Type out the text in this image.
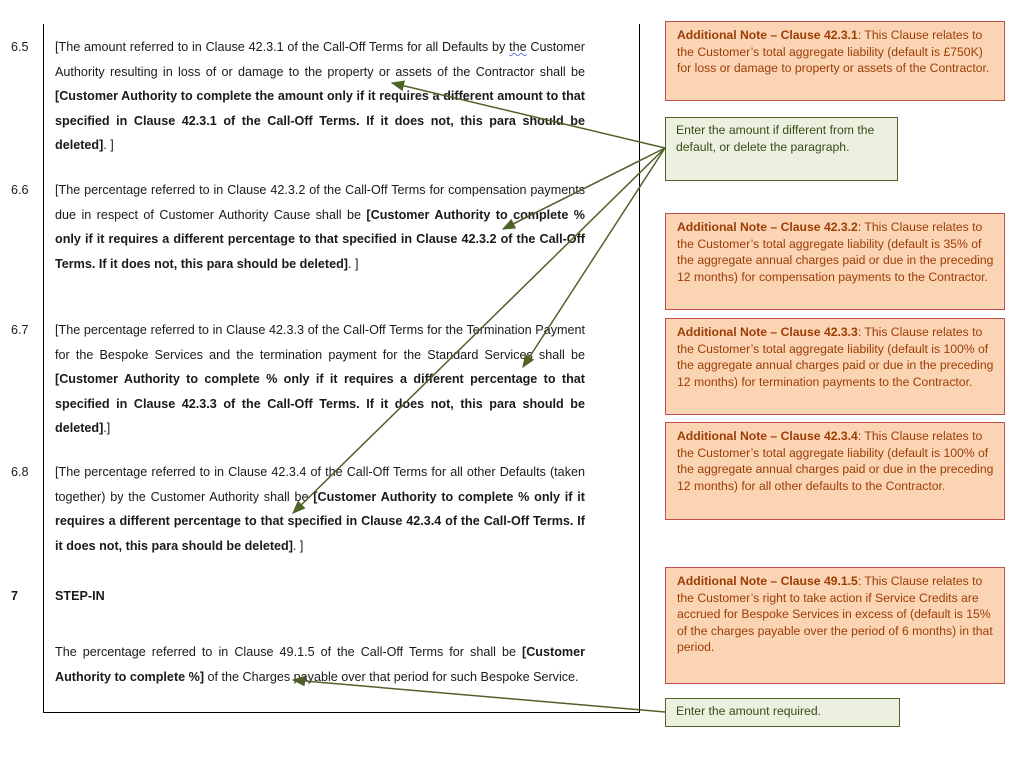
6.5	[The amount referred to in Clause 42.3.1 of the Call-Off Terms for all Defaults by the Customer Authority resulting in loss of or damage to the property or assets of the Contractor shall be [Customer Authority to complete the amount only if it requires a different amount to that specified in Clause 42.3.1 of the Call-Off Terms. If it does not, this para should be deleted]. ]
6.6	[The percentage referred to in Clause 42.3.2 of the Call-Off Terms for compensation payments due in respect of Customer Authority Cause shall be [Customer Authority to complete % only if it requires a different percentage to that specified in Clause 42.3.2 of the Call-Off Terms. If it does not, this para should be deleted]. ]
6.7	[The percentage referred to in Clause 42.3.3 of the Call-Off Terms for the Termination Payment for the Bespoke Services and the termination payment for the Standard Services shall be [Customer Authority to complete % only if it requires a different percentage to that specified in Clause 42.3.3 of the Call-Off Terms. If it does not, this para should be deleted].]
6.8	[The percentage referred to in Clause 42.3.4 of the Call-Off Terms for all other Defaults (taken together) by the Customer Authority shall be [Customer Authority to complete % only if it requires a different percentage to that specified in Clause 42.3.4 of the Call-Off Terms. If it does not, this para should be deleted]. ]
7	STEP-IN
The percentage referred to in Clause 49.1.5 of the Call-Off Terms for shall be [Customer Authority to complete %] of the Charges payable over that period for such Bespoke Service.
Additional Note – Clause 42.3.1: This Clause relates to the Customer’s total aggregate liability (default is £750K) for loss or damage to property or assets of the Contractor.
Additional Note – Clause 42.3.2: This Clause relates to the Customer’s total aggregate liability (default is 35% of the aggregate annual charges paid or due in the preceding 12 months) for compensation payments to the Contractor.
Additional Note – Clause 42.3.3: This Clause relates to the Customer’s total aggregate liability (default is 100% of the aggregate annual charges paid or due in the preceding 12 months) for termination payments to the Contractor.
Additional Note – Clause 42.3.4: This Clause relates to the Customer’s total aggregate liability (default is 100% of the aggregate annual charges paid or due in the preceding 12 months) for all other defaults to the Contractor.
Additional Note – Clause 49.1.5: This Clause relates to the Customer’s right to take action if Service Credits are accrued for Bespoke Services in excess of (default is 15% of the charges payable over the period of 6 months) in that period.
Enter the amount if different from the default, or delete the paragraph.
Enter the amount required.
